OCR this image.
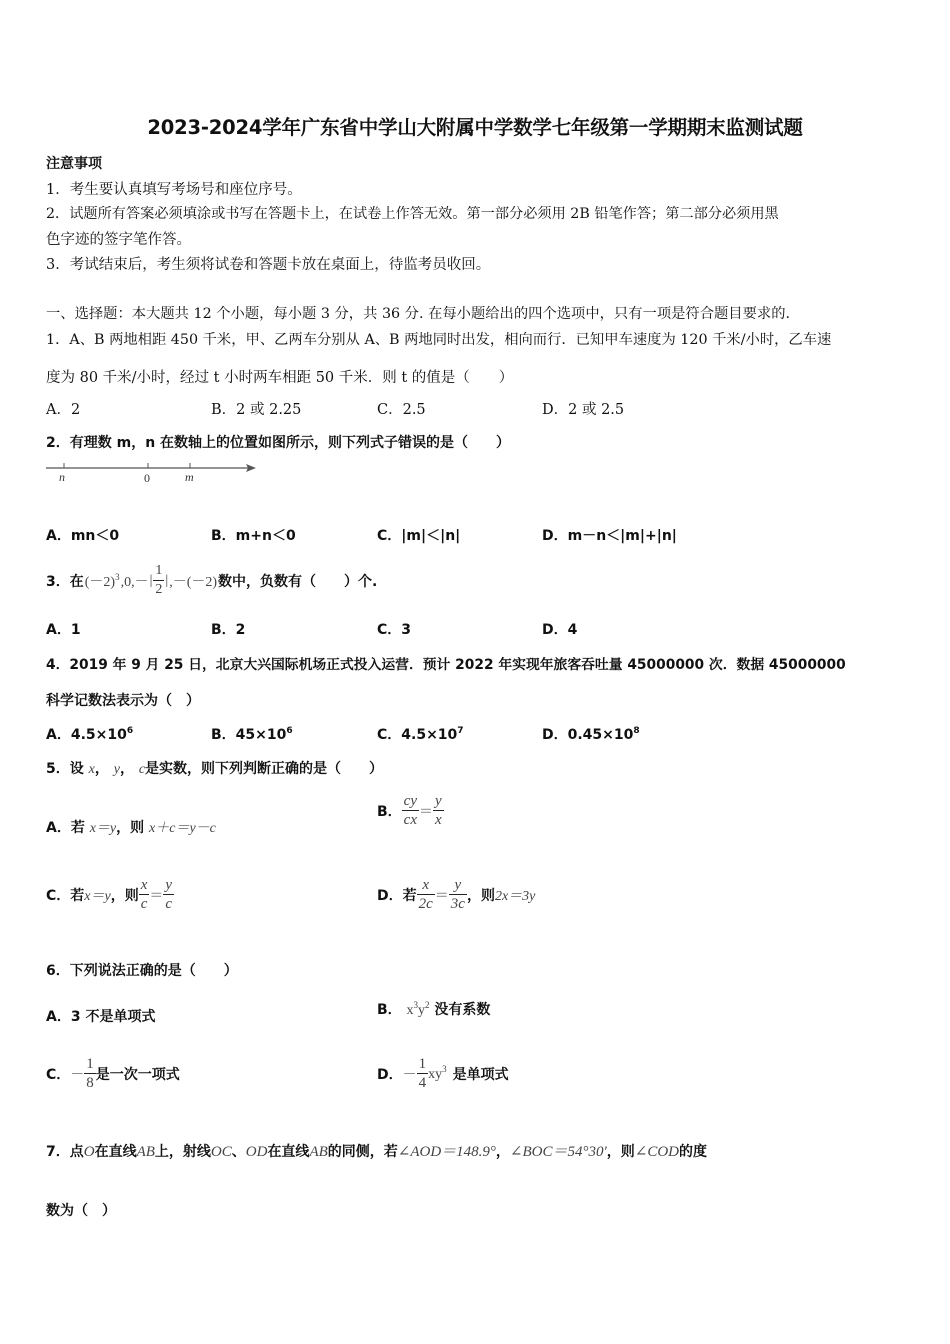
2023-2024学年广东省中学山大附属中学数学七年级第一学期期末监测试题
注意事项
1．考生要认真填写考场号和座位序号。
2．试题所有答案必须填涂或书写在答题卡上，在试卷上作答无效。第一部分必须用 2B 铅笔作答；第二部分必须用黑
色字迹的签字笔作答。
3．考试结束后，考生须将试卷和答题卡放在桌面上，待监考员收回。
一、选择题：本大题共 12 个小题，每小题 3 分，共 36 分. 在每小题给出的四个选项中，只有一项是符合题目要求的.
1．A、B 两地相距 450 千米，甲、乙两车分别从 A、B 两地同时出发，相向而行．已知甲车速度为 120 千米/小时，乙车速
度为 80 千米/小时，经过 t 小时两车相距 50 千米．则 t 的值是（　　）
A．2	B．2 或 2.25	C．2.5	D．2 或 2.5
2．有理数 m，n 在数轴上的位置如图所示，则下列式子错误的是（　　）
n	0	m
A．mn＜0	B．m+n＜0	C．|m|＜|n|	D．m－n＜|m|+|n|
3．在 $(-2)^3$ ,0,－ | $\frac{1}{2}$ | ,－(－2) 数中，负数有（　　）个.
A．1	B．2	C．3	D．4
4．2019 年 9 月 25 日，北京大兴国际机场正式投入运营．预计 2022 年实现年旅客吞吐量 45000000 次．数据 45000000
科学记数法表示为（　）
A．$4.5\times 10^6$	B．$45\times 10^6$	C．$4.5\times 10^7$	D．$0.45\times 10^8$
5．设 x， y， c是实数，则下列判断正确的是（　　）
A．若 x＝y，则 x＋c＝y－c
B． $\frac{cy}{cx} = \frac{y}{x}$
C．若 x＝y ，则 $\frac{x}{c} = \frac{y}{c}$	D．若 $\frac{x}{2c} = \frac{y}{3c}$ ，则 2x＝3y
6．下列说法正确的是（　　）
A．3 不是单项式	B． $x^3y^2$ 没有系数
C． － $\frac{1}{8}$ 是一次一项式	D． － $\frac{1}{4} xy^3$ 是单项式
7．点O在直线AB上，射线OC、OD在直线AB的同侧，若∠AOD＝148.9°，∠BOC＝54°30′，则∠COD的度
数为（　）
